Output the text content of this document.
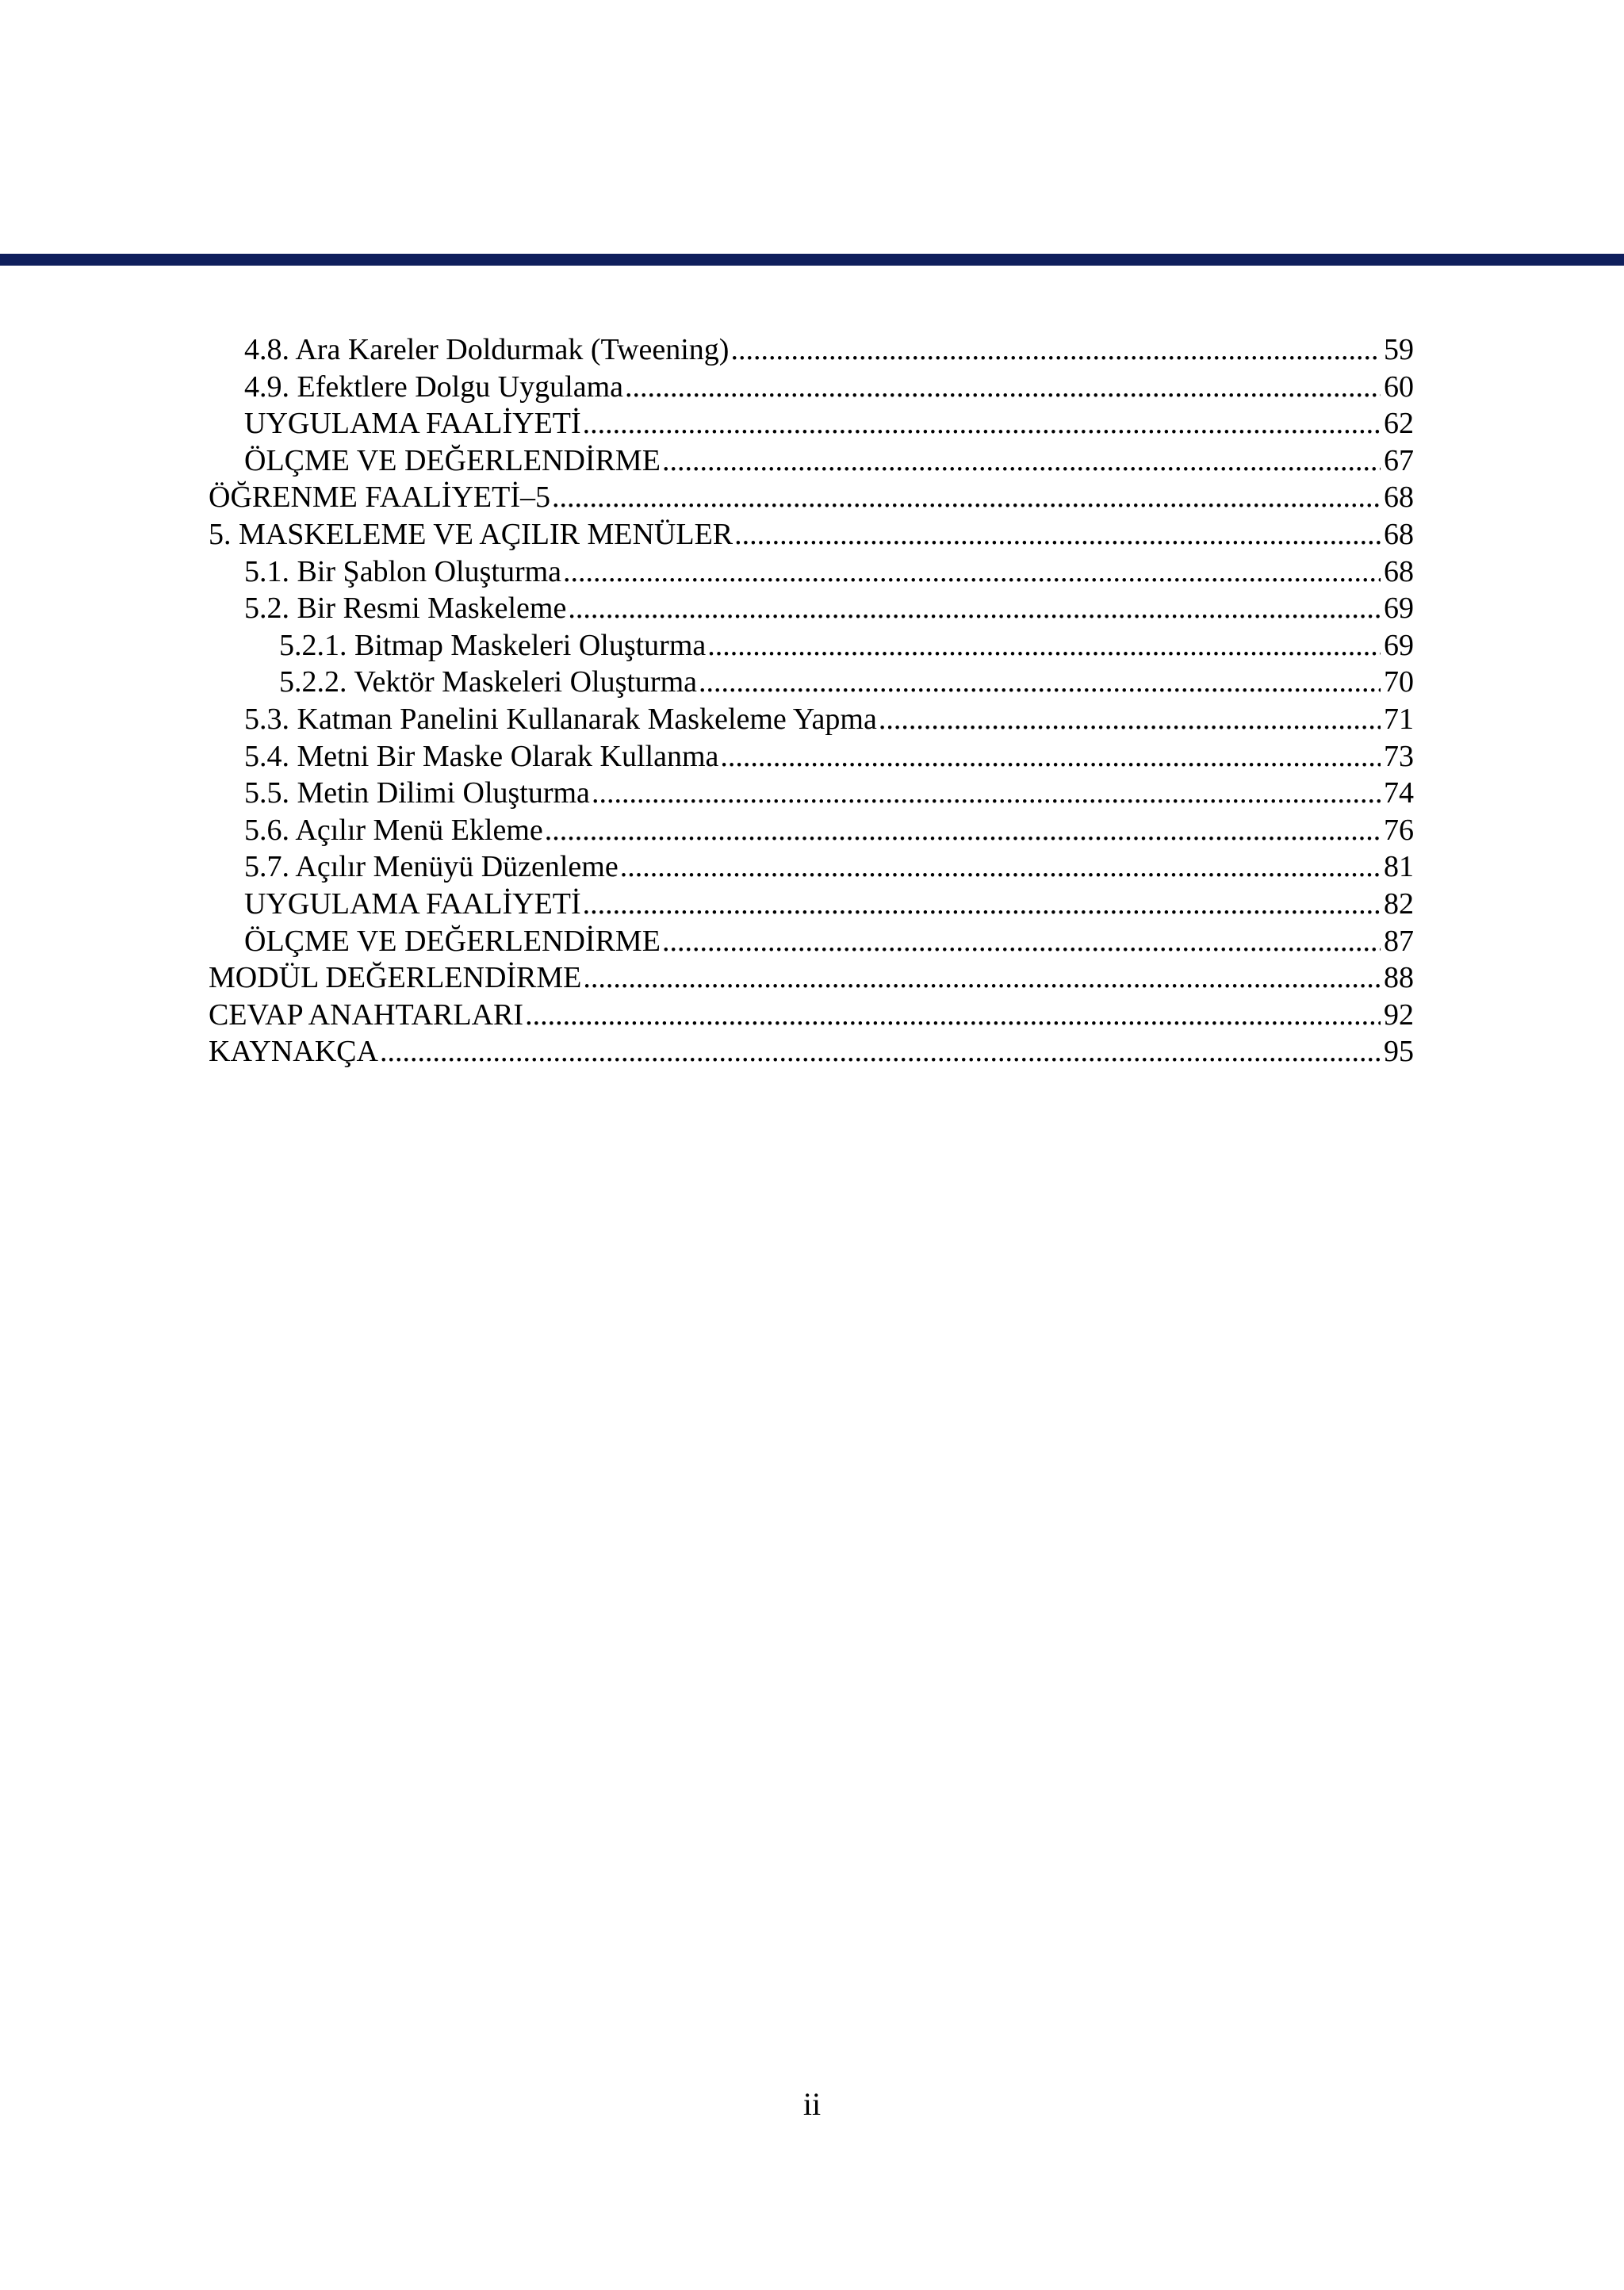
4.8. Ara Kareler Doldurmak (Tweening) .....	59
4.9. Efektlere Dolgu Uygulama .....	60
UYGULAMA FAALİYETİ .....	62
ÖLÇME VE DEĞERLENDİRME .....	67
ÖĞRENME FAALİYETİ–5 .....	68
5. MASKELEME VE AÇILIR MENÜLER .....	68
5.1. Bir Şablon Oluşturma .....	68
5.2. Bir Resmi Maskeleme .....	69
5.2.1. Bitmap Maskeleri Oluşturma .....	69
5.2.2. Vektör Maskeleri Oluşturma .....	70
5.3. Katman Panelini Kullanarak Maskeleme Yapma .....	71
5.4. Metni Bir Maske Olarak Kullanma .....	73
5.5. Metin Dilimi Oluşturma .....	74
5.6. Açılır Menü Ekleme .....	76
5.7. Açılır Menüyü Düzenleme .....	81
UYGULAMA FAALİYETİ .....	82
ÖLÇME VE DEĞERLENDİRME .....	87
MODÜL DEĞERLENDİRME .....	88
CEVAP ANAHTARLARI .....	92
KAYNAKÇA .....	95
ii
